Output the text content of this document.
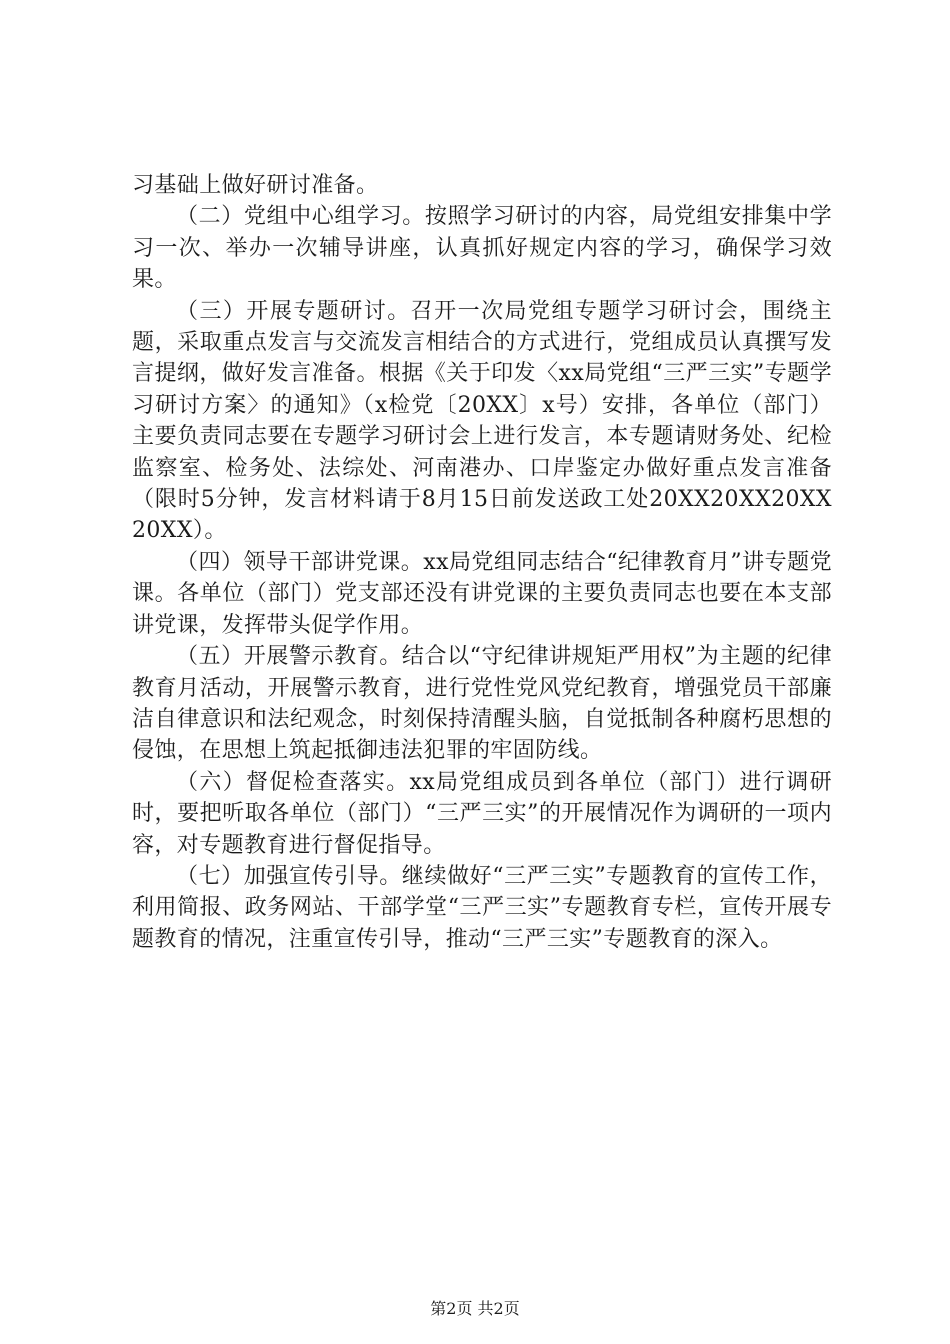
习基础上做好研讨准备。

（二）党组中心组学习。按照学习研讨的内容，局党组安排集中学习一次、举办一次辅导讲座，认真抓好规定内容的学习，确保学习效果。

（三）开展专题研讨。召开一次局党组专题学习研讨会，围绕主题，采取重点发言与交流发言相结合的方式进行，党组成员认真撰写发言提纲，做好发言准备。根据《关于印发〈xx局党组“三严三实”专题学习研讨方案〉的通知》（x检党〔20XX〕x号）安排，各单位（部门）主要负责同志要在专题学习研讨会上进行发言，本专题请财务处、纪检监察室、检务处、法综处、河南港办、口岸鉴定办做好重点发言准备（限时5分钟，发言材料请于8月15日前发送政工处20XX20XX20XX20XX）。

（四）领导干部讲党课。xx局党组同志结合“纪律教育月”讲专题党课。各单位（部门）党支部还没有讲党课的主要负责同志也要在本支部讲党课，发挥带头促学作用。

（五）开展警示教育。结合以“守纪律讲规矩严用权”为主题的纪律教育月活动，开展警示教育，进行党性党风党纪教育，增强党员干部廉洁自律意识和法纪观念，时刻保持清醒头脑，自觉抵制各种腐朽思想的侵蚀，在思想上筑起抵御违法犯罪的牢固防线。

（六）督促检查落实。xx局党组成员到各单位（部门）进行调研时，要把听取各单位（部门）“三严三实”的开展情况作为调研的一项内容，对专题教育进行督促指导。

（七）加强宣传引导。继续做好“三严三实”专题教育的宣传工作，利用简报、政务网站、干部学堂“三严三实”专题教育专栏，宣传开展专题教育的情况，注重宣传引导，推动“三严三实”专题教育的深入。

第2页 共2页
